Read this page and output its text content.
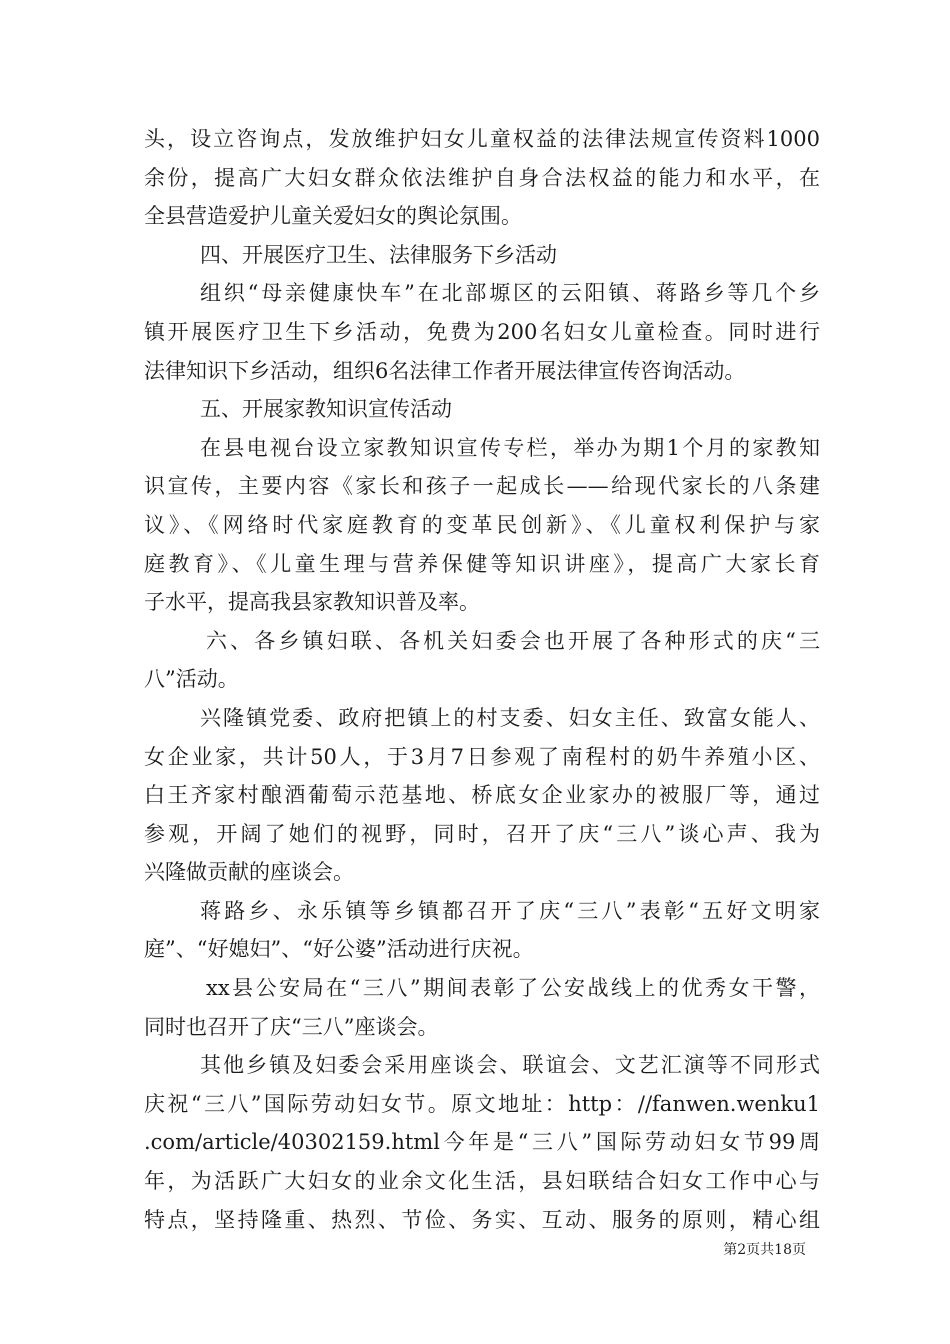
头，设立咨询点，发放维护妇女儿童权益的法律法规宣传资料1000
余份，提高广大妇女群众依法维护自身合法权益的能力和水平，在
全县营造爱护儿童关爱妇女的舆论氛围。
四、开展医疗卫生、法律服务下乡活动
组织“母亲健康快车”在北部塬区的云阳镇、蒋路乡等几个乡
镇开展医疗卫生下乡活动，免费为200名妇女儿童检查。同时进行
法律知识下乡活动，组织6名法律工作者开展法律宣传咨询活动。
五、开展家教知识宣传活动
在县电视台设立家教知识宣传专栏，举办为期1个月的家教知
识宣传，主要内容《家长和孩子一起成长——给现代家长的八条建
议》、《网络时代家庭教育的变革民创新》、《儿童权利保护与家
庭教育》、《儿童生理与营养保健等知识讲座》，提高广大家长育
子水平，提高我县家教知识普及率。
六、各乡镇妇联、各机关妇委会也开展了各种形式的庆“三
八”活动。
兴隆镇党委、政府把镇上的村支委、妇女主任、致富女能人、
女企业家，共计50人，于3月7日参观了南程村的奶牛养殖小区、
白王齐家村酿酒葡萄示范基地、桥底女企业家办的被服厂等，通过
参观，开阔了她们的视野，同时，召开了庆“三八”谈心声、我为
兴隆做贡献的座谈会。
蒋路乡、永乐镇等乡镇都召开了庆“三八”表彰“五好文明家
庭”、“好媳妇”、“好公婆”活动进行庆祝。
xx县公安局在“三八”期间表彰了公安战线上的优秀女干警，
同时也召开了庆“三八”座谈会。
其他乡镇及妇委会采用座谈会、联谊会、文艺汇演等不同形式
庆祝“三八”国际劳动妇女节。原文地址：http：//fanwen.wenku1
.com/article/40302159.html今年是“三八”国际劳动妇女节99周
年，为活跃广大妇女的业余文化生活，县妇联结合妇女工作中心与
特点，坚持隆重、热烈、节俭、务实、互动、服务的原则，精心组
第2页共18页
